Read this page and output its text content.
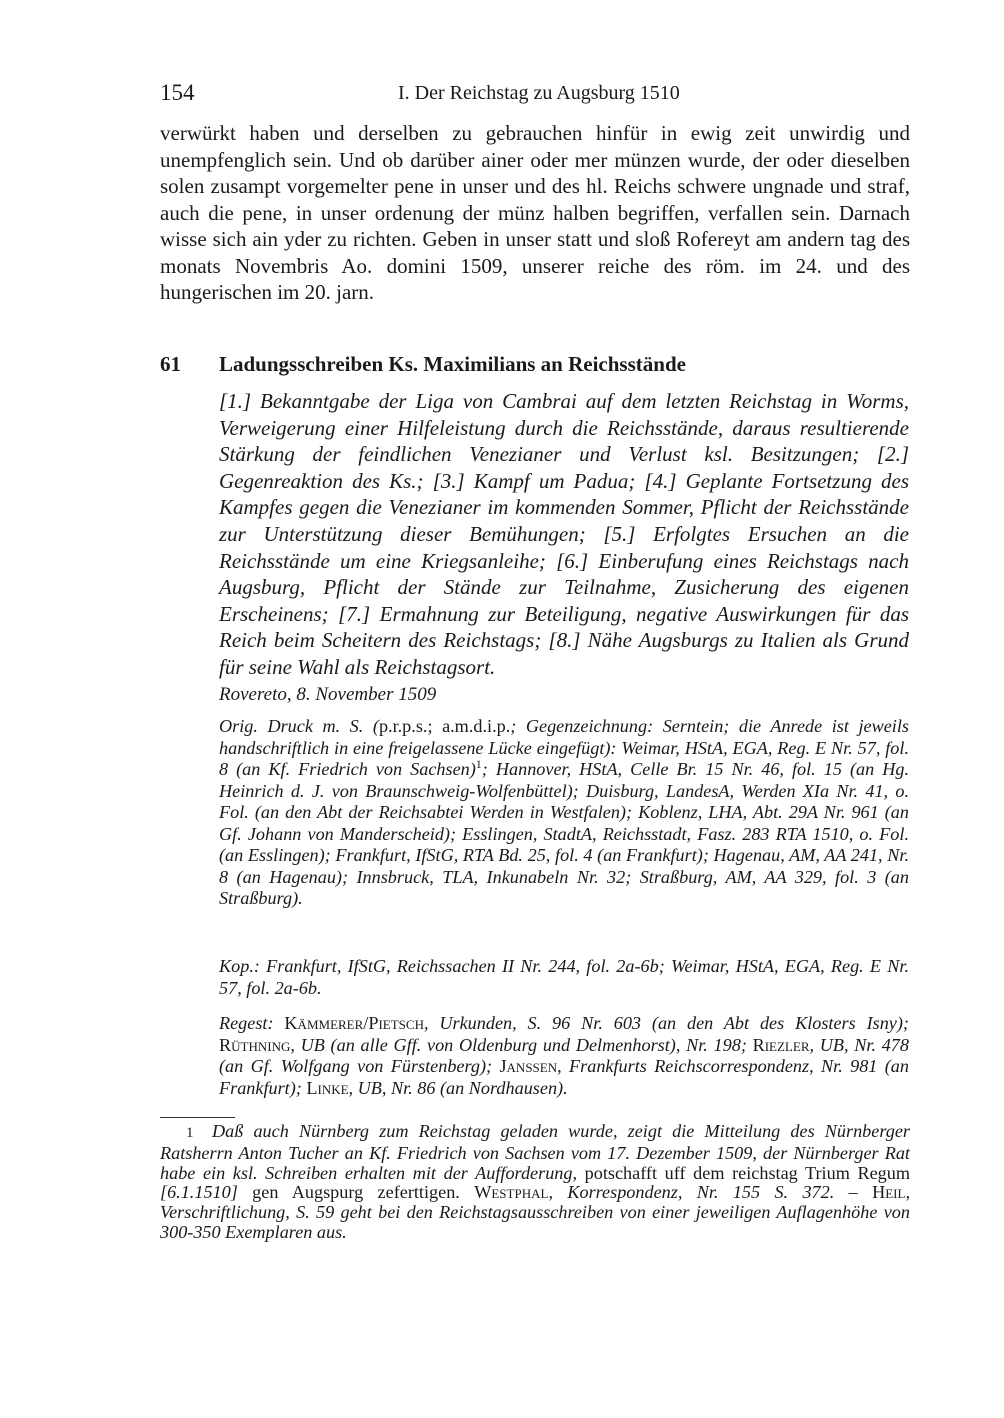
154	I. Der Reichstag zu Augsburg 1510

verwürkt haben und derselben zu gebrauchen hinfür in ewig zeit unwirdig und unempfenglich sein. Und ob darüber ainer oder mer münzen wurde, der oder dieselben solen zusampt vorgemelter pene in unser und des hl. Reichs schwere ungnade und straf, auch die pene, in unser ordenung der münz halben begriffen, verfallen sein. Darnach wisse sich ain yder zu richten. Geben in unser statt und sloß Rofereyt am andern tag des monats Novembris Ao. domini 1509, unserer reiche des röm. im 24. und des hungerischen im 20. jarn.

61 Ladungsschreiben Ks. Maximilians an Reichsstände
[1.] Bekanntgabe der Liga von Cambrai auf dem letzten Reichstag in Worms, Verweigerung einer Hilfeleistung durch die Reichsstände, daraus resultierende Stärkung der feindlichen Venezianer und Verlust ksl. Besitzungen; [2.] Gegenreaktion des Ks.; [3.] Kampf um Padua; [4.] Geplante Fortsetzung des Kampfes gegen die Venezianer im kommenden Sommer, Pflicht der Reichsstände zur Unterstützung dieser Bemühungen; [5.] Erfolgtes Ersuchen an die Reichsstände um eine Kriegsanleihe; [6.] Einberufung eines Reichstags nach Augsburg, Pflicht der Stände zur Teilnahme, Zusicherung des eigenen Erscheinens; [7.] Ermahnung zur Beteiligung, negative Auswirkungen für das Reich beim Scheitern des Reichstags; [8.] Nähe Augsburgs zu Italien als Grund für seine Wahl als Reichstagsort.
Rovereto, 8. November 1509
Orig. Druck m. S. (p.r.p.s.; a.m.d.i.p.; Gegenzeichnung: Serntein; die Anrede ist jeweils handschriftlich in eine freigelassene Lücke eingefügt): Weimar, HStA, EGA, Reg. E Nr. 57, fol. 8 (an Kf. Friedrich von Sachsen)$^1$; Hannover, HStA, Celle Br. 15 Nr. 46, fol. 15 (an Hg. Heinrich d. J. von Braunschweig-Wolfenbüttel); Duisburg, LandesA, Werden XIa Nr. 41, o. Fol. (an den Abt der Reichsabtei Werden in Westfalen); Koblenz, LHA, Abt. 29A Nr. 961 (an Gf. Johann von Manderscheid); Esslingen, StadtA, Reichsstadt, Fasz. 283 RTA 1510, o. Fol. (an Esslingen); Frankfurt, IfStG, RTA Bd. 25, fol. 4 (an Frankfurt); Hagenau, AM, AA 241, Nr. 8 (an Hagenau); Innsbruck, TLA, Inkunabeln Nr. 32; Straßburg, AM, AA 329, fol. 3 (an Straßburg).
Kop.: Frankfurt, IfStG, Reichssachen II Nr. 244, fol. 2a-6b; Weimar, HStA, EGA, Reg. E Nr. 57, fol. 2a-6b.
Regest: Kämmerer/Pietsch, Urkunden, S. 96 Nr. 603 (an den Abt des Klosters Isny); Rüthning, UB (an alle Gff. von Oldenburg und Delmenhorst), Nr. 198; Riezler, UB, Nr. 478 (an Gf. Wolfgang von Fürstenberg); Janssen, Frankfurts Reichscorrespondenz, Nr. 981 (an Frankfurt); Linke, UB, Nr. 86 (an Nordhausen).
1 Daß auch Nürnberg zum Reichstag geladen wurde, zeigt die Mitteilung des Nürnberger Ratsherrn Anton Tucher an Kf. Friedrich von Sachsen vom 17. Dezember 1509, der Nürnberger Rat habe ein ksl. Schreiben erhalten mit der Aufforderung, potschafft uff dem reichstag Trium Regum [6.1.1510] gen Augspurg zeferttigen. Westphal, Korrespondenz, Nr. 155 S. 372. – Heil, Verschriftlichung, S. 59 geht bei den Reichstagsausschreiben von einer jeweiligen Auflagenhöhe von 300-350 Exemplaren aus.
